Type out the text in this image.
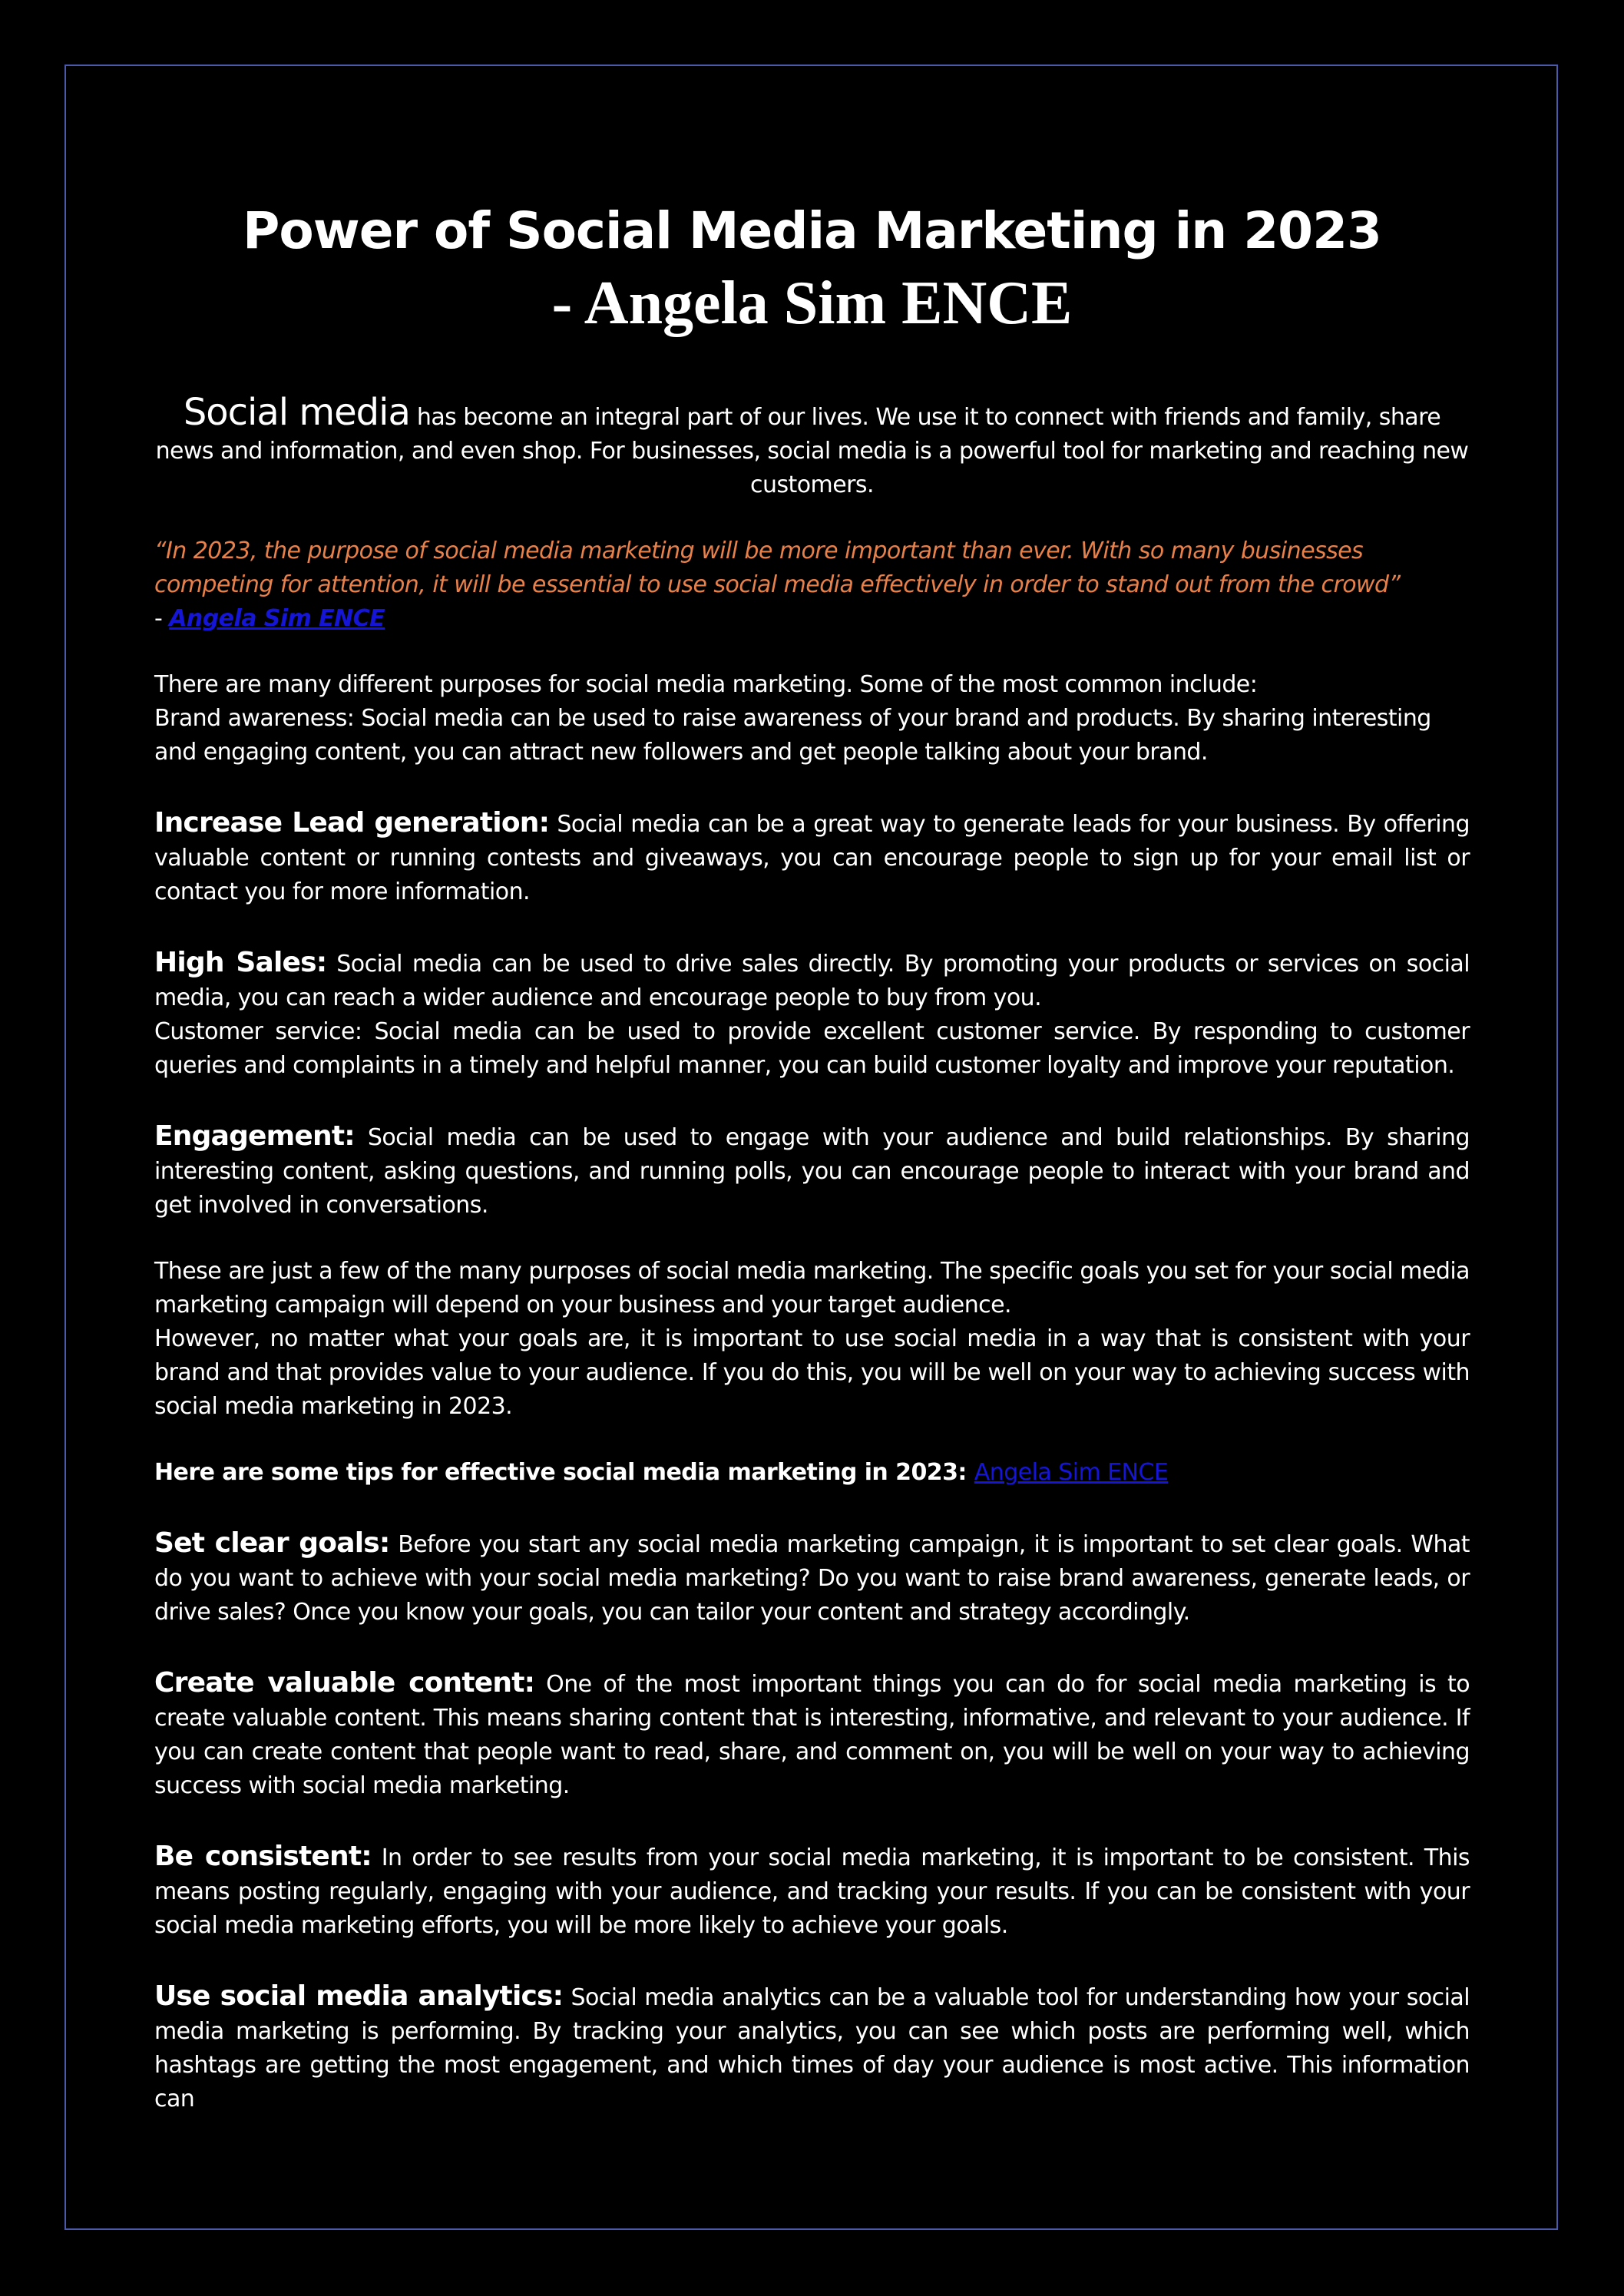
Power of Social Media Marketing in 2023
- Angela Sim ENCE

Social media has become an integral part of our lives. We use it to connect with friends and family, share news and information, and even shop. For businesses, social media is a powerful tool for marketing and reaching new customers.

“In 2023, the purpose of social media marketing will be more important than ever. With so many businesses competing for attention, it will be essential to use social media effectively in order to stand out from the crowd”

- Angela Sim ENCE

There are many different purposes for social media marketing. Some of the most common include:

Brand awareness: Social media can be used to raise awareness of your brand and products. By sharing interesting and engaging content, you can attract new followers and get people talking about your brand.

Increase Lead generation: Social media can be a great way to generate leads for your business. By offering valuable content or running contests and giveaways, you can encourage people to sign up for your email list or contact you for more information.

High Sales: Social media can be used to drive sales directly. By promoting your products or services on social media, you can reach a wider audience and encourage people to buy from you.

Customer service: Social media can be used to provide excellent customer service. By responding to customer queries and complaints in a timely and helpful manner, you can build customer loyalty and improve your reputation.

Engagement: Social media can be used to engage with your audience and build relationships. By sharing interesting content, asking questions, and running polls, you can encourage people to interact with your brand and get involved in conversations.

These are just a few of the many purposes of social media marketing. The specific goals you set for your social media marketing campaign will depend on your business and your target audience.

However, no matter what your goals are, it is important to use social media in a way that is consistent with your brand and that provides value to your audience. If you do this, you will be well on your way to achieving success with social media marketing in 2023.

Here are some tips for effective social media marketing in 2023: Angela Sim ENCE

Set clear goals: Before you start any social media marketing campaign, it is important to set clear goals. What do you want to achieve with your social media marketing? Do you want to raise brand awareness, generate leads, or drive sales? Once you know your goals, you can tailor your content and strategy accordingly.

Create valuable content: One of the most important things you can do for social media marketing is to create valuable content. This means sharing content that is interesting, informative, and relevant to your audience. If you can create content that people want to read, share, and comment on, you will be well on your way to achieving success with social media marketing.

Be consistent: In order to see results from your social media marketing, it is important to be consistent. This means posting regularly, engaging with your audience, and tracking your results. If you can be consistent with your social media marketing efforts, you will be more likely to achieve your goals.

Use social media analytics: Social media analytics can be a valuable tool for understanding how your social media marketing is performing. By tracking your analytics, you can see which posts are performing well, which hashtags are getting the most engagement, and which times of day your audience is most active. This information can
